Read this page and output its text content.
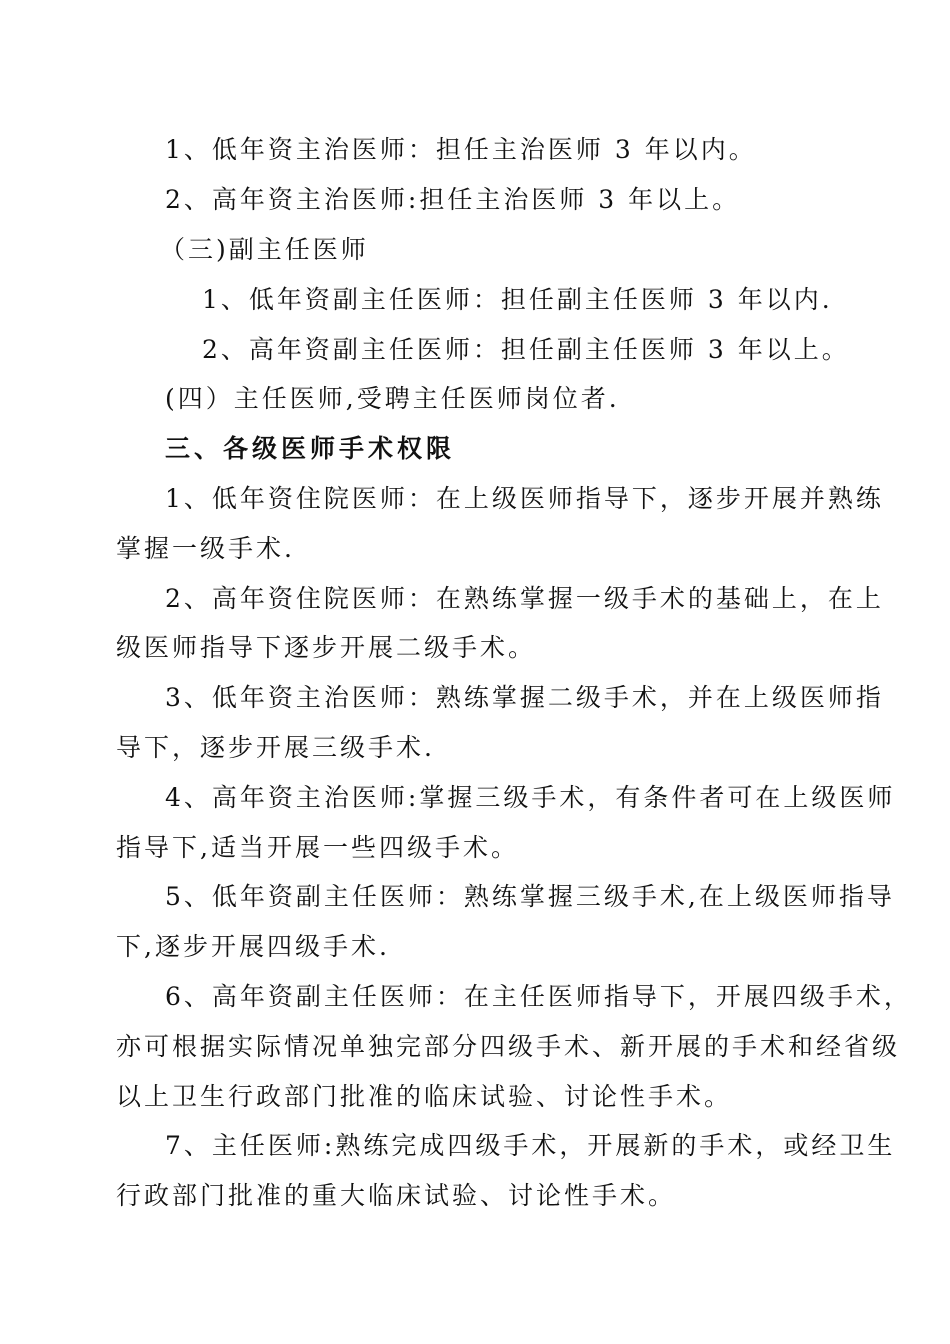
1、低年资主治医师：担任主治医师 3 年以内。
2、高年资主治医师:担任主治医师 3 年以上。
（三)副主任医师
1、低年资副主任医师：担任副主任医师 3 年以内.
2、高年资副主任医师：担任副主任医师 3 年以上。
(四）主任医师,受聘主任医师岗位者.
三、各级医师手术权限
1、低年资住院医师：在上级医师指导下，逐步开展并熟练
掌握一级手术.
2、高年资住院医师：在熟练掌握一级手术的基础上，在上
级医师指导下逐步开展二级手术。
3、低年资主治医师：熟练掌握二级手术，并在上级医师指
导下，逐步开展三级手术.
4、高年资主治医师:掌握三级手术，有条件者可在上级医师
指导下,适当开展一些四级手术。
5、低年资副主任医师：熟练掌握三级手术,在上级医师指导
下,逐步开展四级手术.
6、高年资副主任医师：在主任医师指导下，开展四级手术，
亦可根据实际情况单独完部分四级手术、新开展的手术和经省级
以上卫生行政部门批准的临床试验、讨论性手术。
7、主任医师:熟练完成四级手术，开展新的手术，或经卫生
行政部门批准的重大临床试验、讨论性手术。
